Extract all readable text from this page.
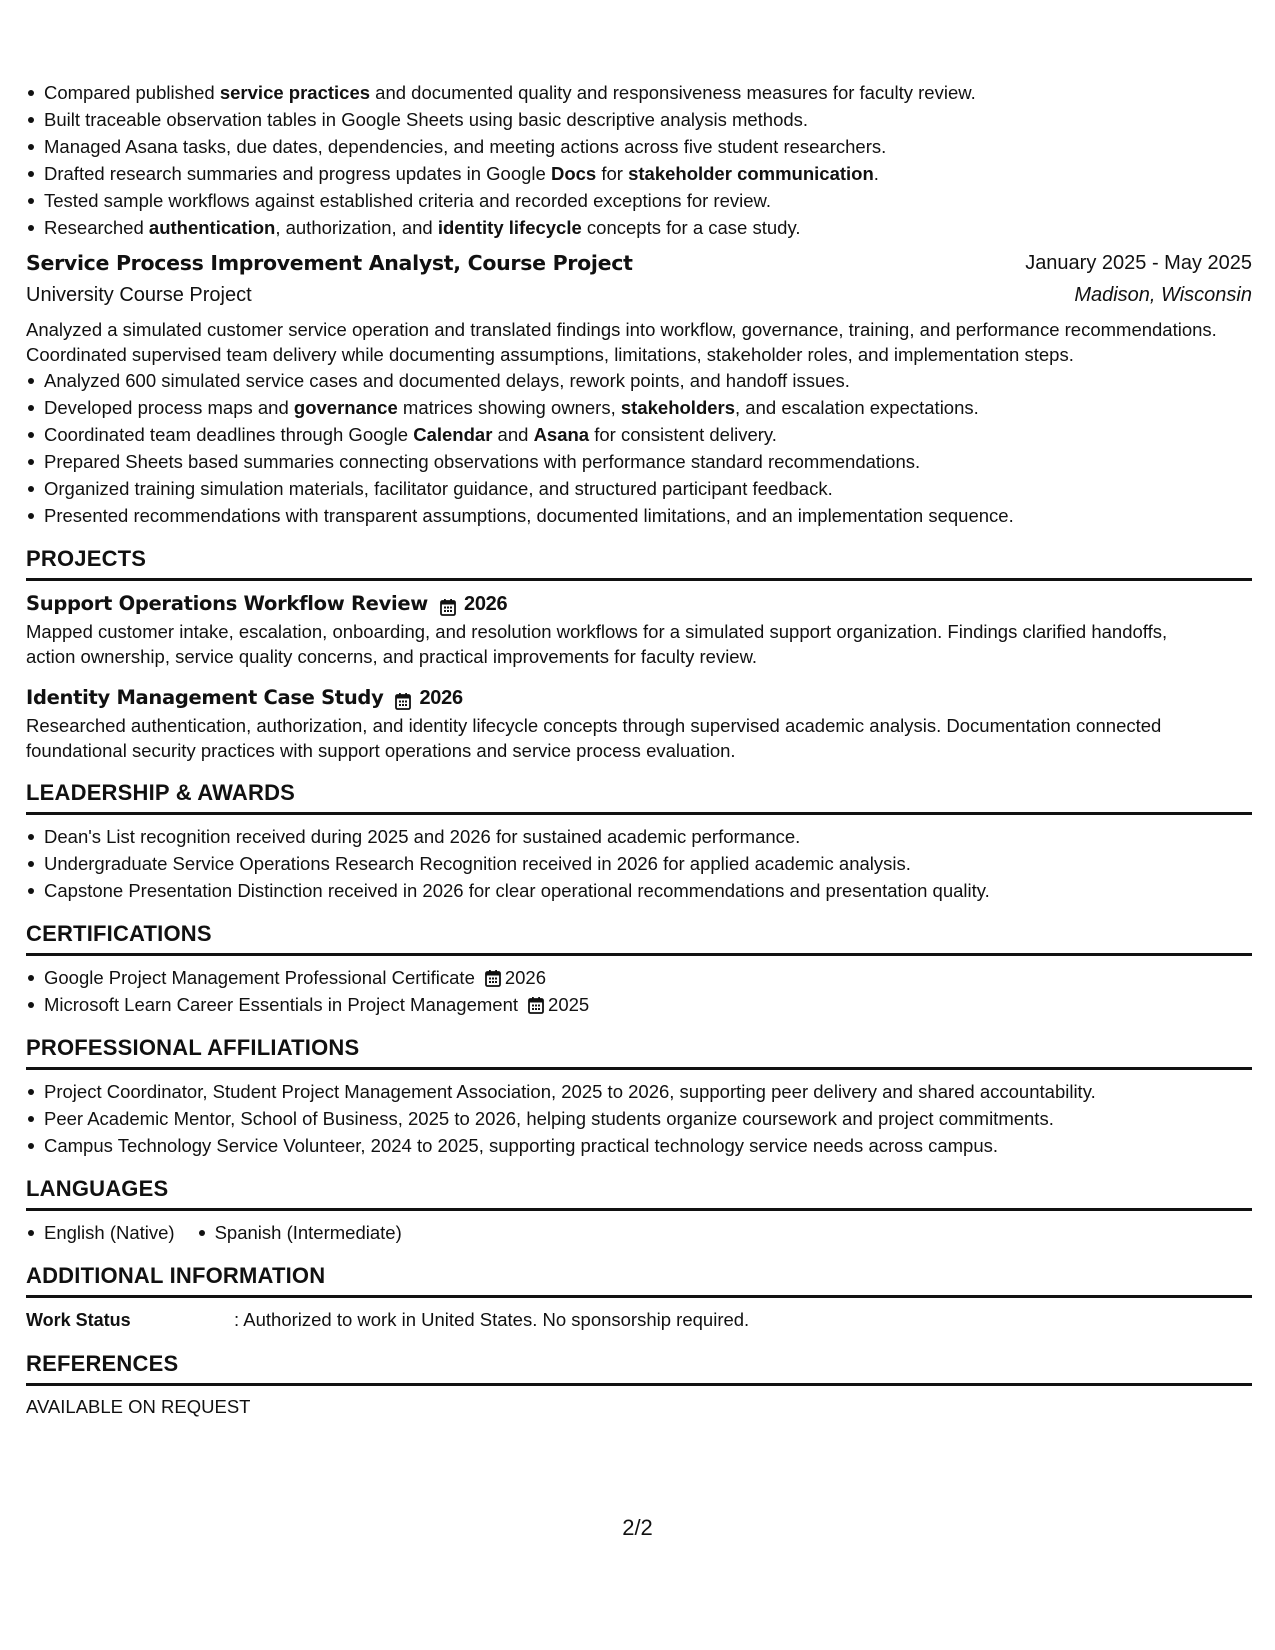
Compared published service practices and documented quality and responsiveness measures for faculty review.
Built traceable observation tables in Google Sheets using basic descriptive analysis methods.
Managed Asana tasks, due dates, dependencies, and meeting actions across five student researchers.
Drafted research summaries and progress updates in Google Docs for stakeholder communication.
Tested sample workflows against established criteria and recorded exceptions for review.
Researched authentication, authorization, and identity lifecycle concepts for a case study.
Service Process Improvement Analyst, Course Project	January 2025 - May 2025
University Course Project	Madison, Wisconsin
Analyzed a simulated customer service operation and translated findings into workflow, governance, training, and performance recommendations.
Coordinated supervised team delivery while documenting assumptions, limitations, stakeholder roles, and implementation steps.
Analyzed 600 simulated service cases and documented delays, rework points, and handoff issues.
Developed process maps and governance matrices showing owners, stakeholders, and escalation expectations.
Coordinated team deadlines through Google Calendar and Asana for consistent delivery.
Prepared Sheets based summaries connecting observations with performance standard recommendations.
Organized training simulation materials, facilitator guidance, and structured participant feedback.
Presented recommendations with transparent assumptions, documented limitations, and an implementation sequence.
PROJECTS
Support Operations Workflow Review 2026
Mapped customer intake, escalation, onboarding, and resolution workflows for a simulated support organization. Findings clarified handoffs,
action ownership, service quality concerns, and practical improvements for faculty review.
Identity Management Case Study 2026
Researched authentication, authorization, and identity lifecycle concepts through supervised academic analysis. Documentation connected
foundational security practices with support operations and service process evaluation.
LEADERSHIP & AWARDS
Dean's List recognition received during 2025 and 2026 for sustained academic performance.
Undergraduate Service Operations Research Recognition received in 2026 for applied academic analysis.
Capstone Presentation Distinction received in 2026 for clear operational recommendations and presentation quality.
CERTIFICATIONS
Google Project Management Professional Certificate 2026
Microsoft Learn Career Essentials in Project Management 2025
PROFESSIONAL AFFILIATIONS
Project Coordinator, Student Project Management Association, 2025 to 2026, supporting peer delivery and shared accountability.
Peer Academic Mentor, School of Business, 2025 to 2026, helping students organize coursework and project commitments.
Campus Technology Service Volunteer, 2024 to 2025, supporting practical technology service needs across campus.
LANGUAGES
English (Native) Spanish (Intermediate)
ADDITIONAL INFORMATION
Work Status	: Authorized to work in United States. No sponsorship required.
REFERENCES
AVAILABLE ON REQUEST
2/2
